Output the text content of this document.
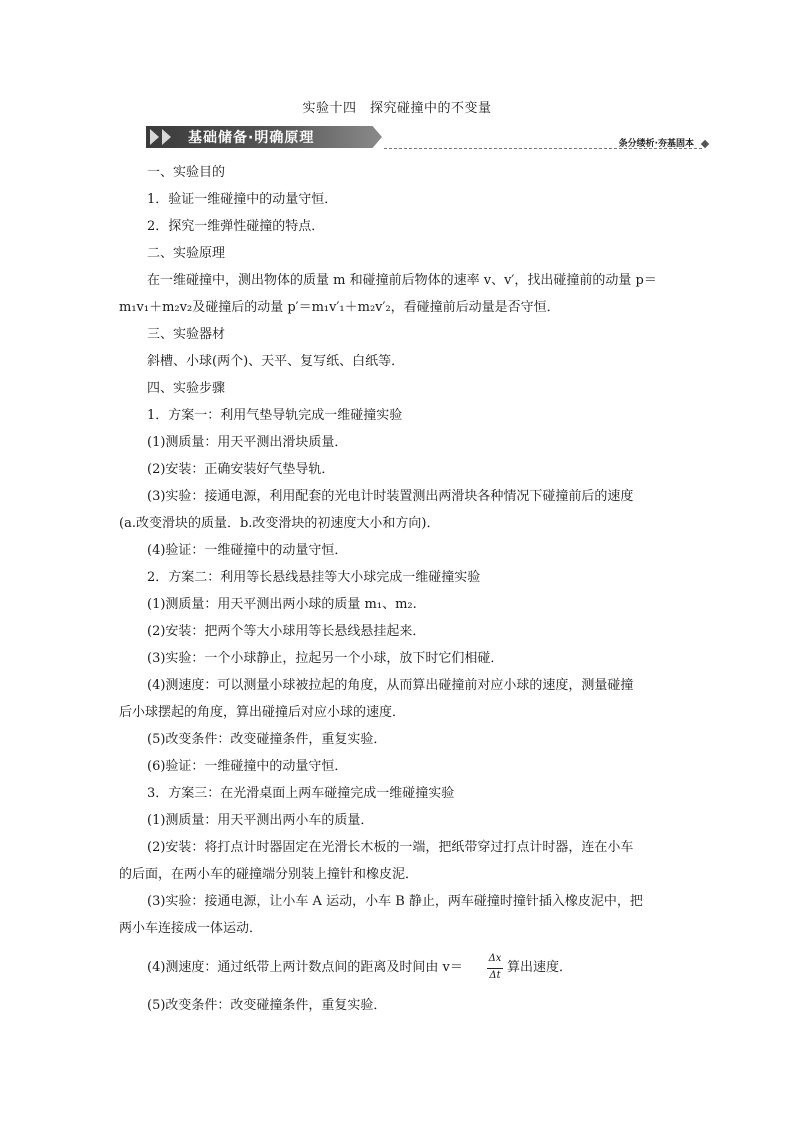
实验十四　探究碰撞中的不变量
基础储备·明确原理	条分缕析·夯基固本
一、实验目的
1．验证一维碰撞中的动量守恒．
2．探究一维弹性碰撞的特点．
二、实验原理
在一维碰撞中，测出物体的质量 m 和碰撞前后物体的速率 v、v′，找出碰撞前的动量 p＝
m₁v₁＋m₂v₂及碰撞后的动量 p′＝m₁v′₁＋m₂v′₂，看碰撞前后动量是否守恒．
三、实验器材
斜槽、小球(两个)、天平、复写纸、白纸等．
四、实验步骤
1．方案一：利用气垫导轨完成一维碰撞实验
(1)测质量：用天平测出滑块质量．
(2)安装：正确安装好气垫导轨．
(3)实验：接通电源，利用配套的光电计时装置测出两滑块各种情况下碰撞前后的速度
(a.改变滑块的质量．b.改变滑块的初速度大小和方向)．
(4)验证：一维碰撞中的动量守恒．
2．方案二：利用等长悬线悬挂等大小球完成一维碰撞实验
(1)测质量：用天平测出两小球的质量 m₁、m₂.
(2)安装：把两个等大小球用等长悬线悬挂起来．
(3)实验：一个小球静止，拉起另一个小球，放下时它们相碰．
(4)测速度：可以测量小球被拉起的角度，从而算出碰撞前对应小球的速度，测量碰撞
后小球摆起的角度，算出碰撞后对应小球的速度．
(5)改变条件：改变碰撞条件，重复实验．
(6)验证：一维碰撞中的动量守恒．
3．方案三：在光滑桌面上两车碰撞完成一维碰撞实验
(1)测质量：用天平测出两小车的质量．
(2)安装：将打点计时器固定在光滑长木板的一端，把纸带穿过打点计时器，连在小车
的后面，在两小车的碰撞端分别装上撞针和橡皮泥．
(3)实验：接通电源，让小车 A 运动，小车 B 静止，两车碰撞时撞针插入橡皮泥中，把
两小车连接成一体运动．
(4)测速度：通过纸带上两计数点间的距离及时间由 v＝
Δx
Δt
算出速度．
(5)改变条件：改变碰撞条件，重复实验．
